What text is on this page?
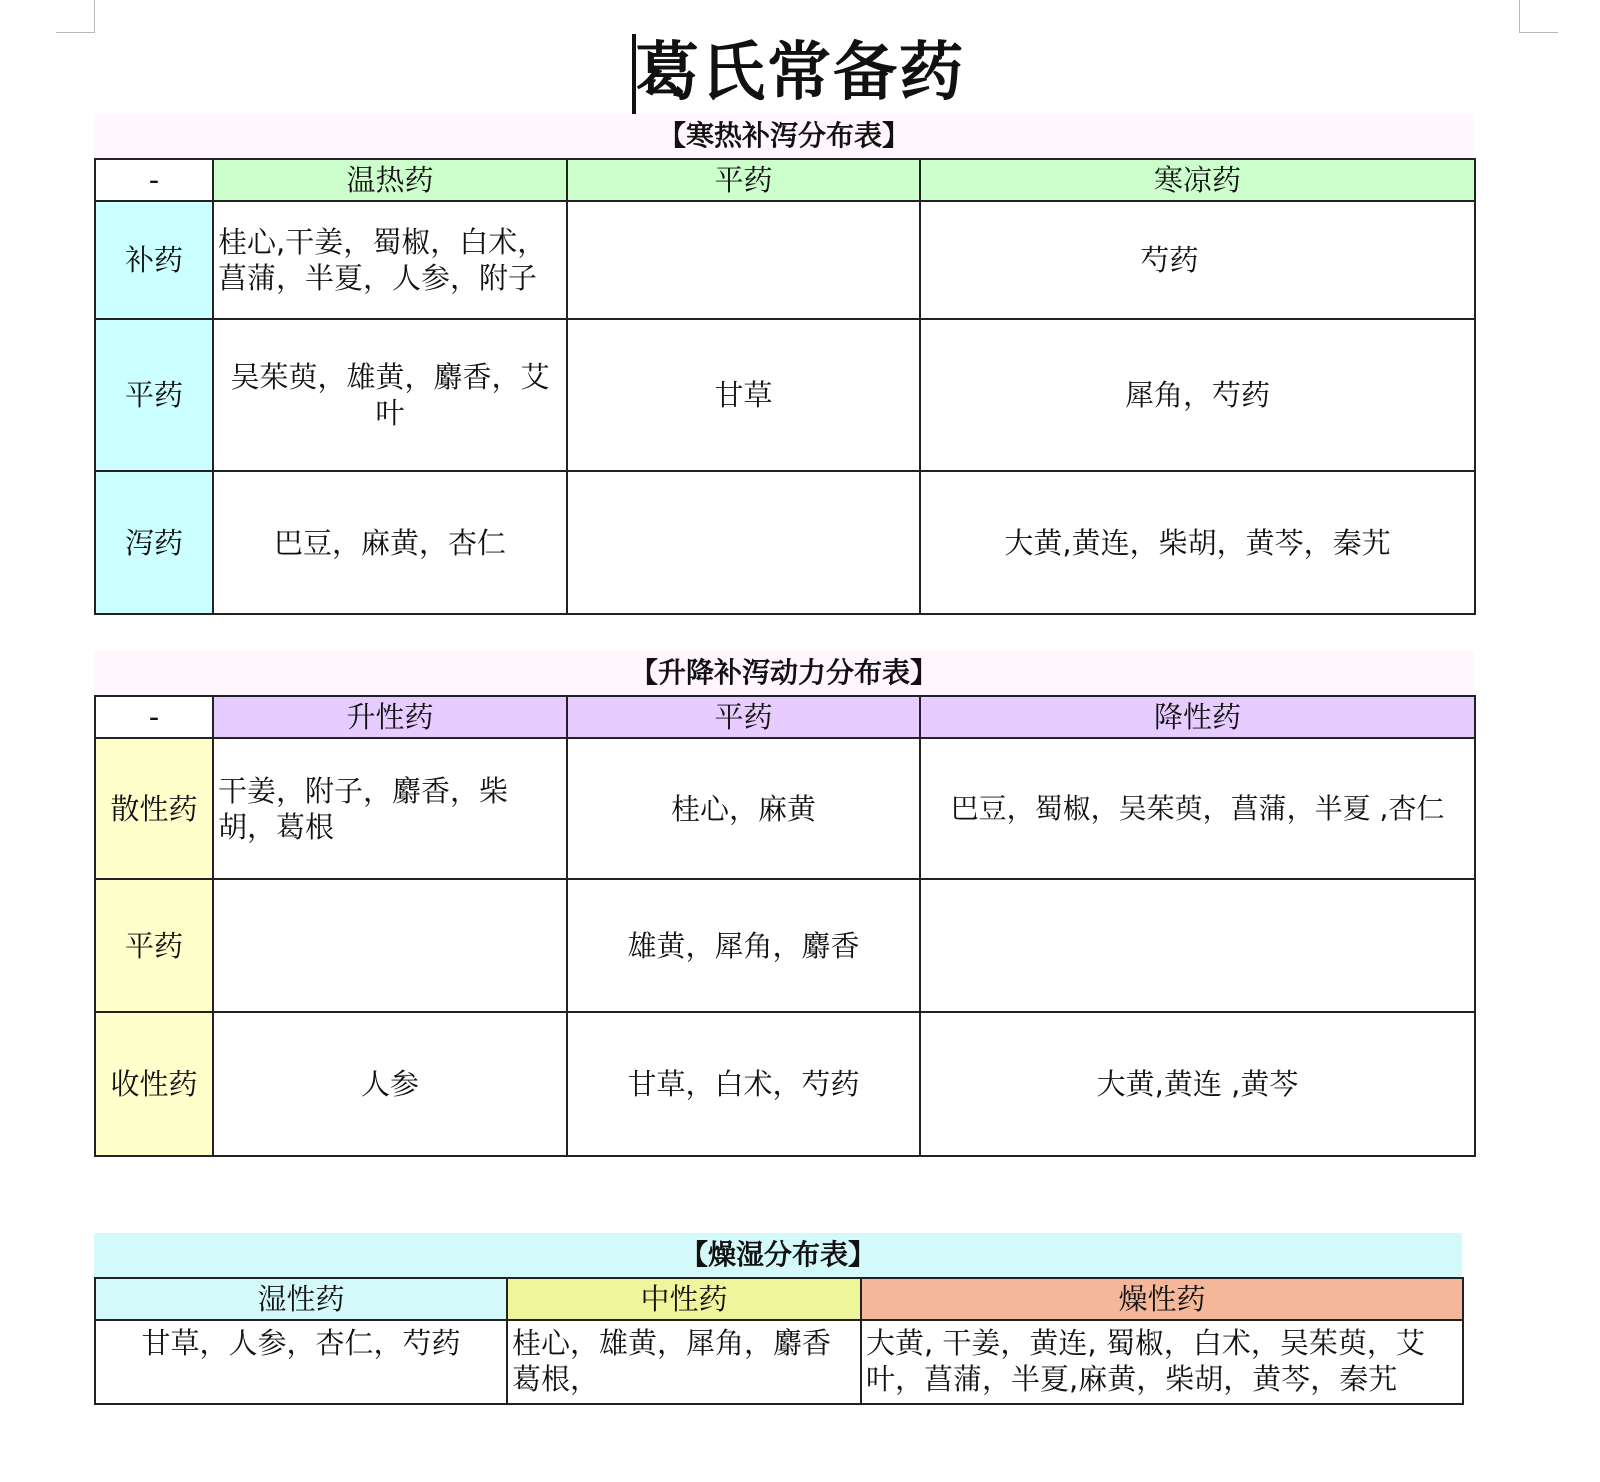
葛氏常备药
【寒热补泻分布表】
-	温热药	平药	寒凉药
补药	桂心,干姜，蜀椒，白术，菖蒲，半夏，人参，附子		芍药
平药	吴茱萸，雄黄，麝香，艾叶	甘草	犀角，芍药
泻药	巴豆，麻黄，杏仁		大黄,黄连，柴胡，黄芩，秦艽
【升降补泻动力分布表】
-	升性药	平药	降性药
散性药	干姜，附子，麝香，柴胡，葛根	桂心，麻黄	巴豆，蜀椒，吴茱萸，菖蒲，半夏 ,杏仁
平药		雄黄，犀角，麝香	
收性药	人参	甘草，白术，芍药	大黄,黄连 ,黄芩
【燥湿分布表】
湿性药	中性药	燥性药
甘草，人参，杏仁，芍药	桂心，雄黄，犀角，麝香葛根，	大黄, 干姜，黄连, 蜀椒，白术，吴茱萸，艾叶，菖蒲，半夏,麻黄，柴胡，黄芩，秦艽
